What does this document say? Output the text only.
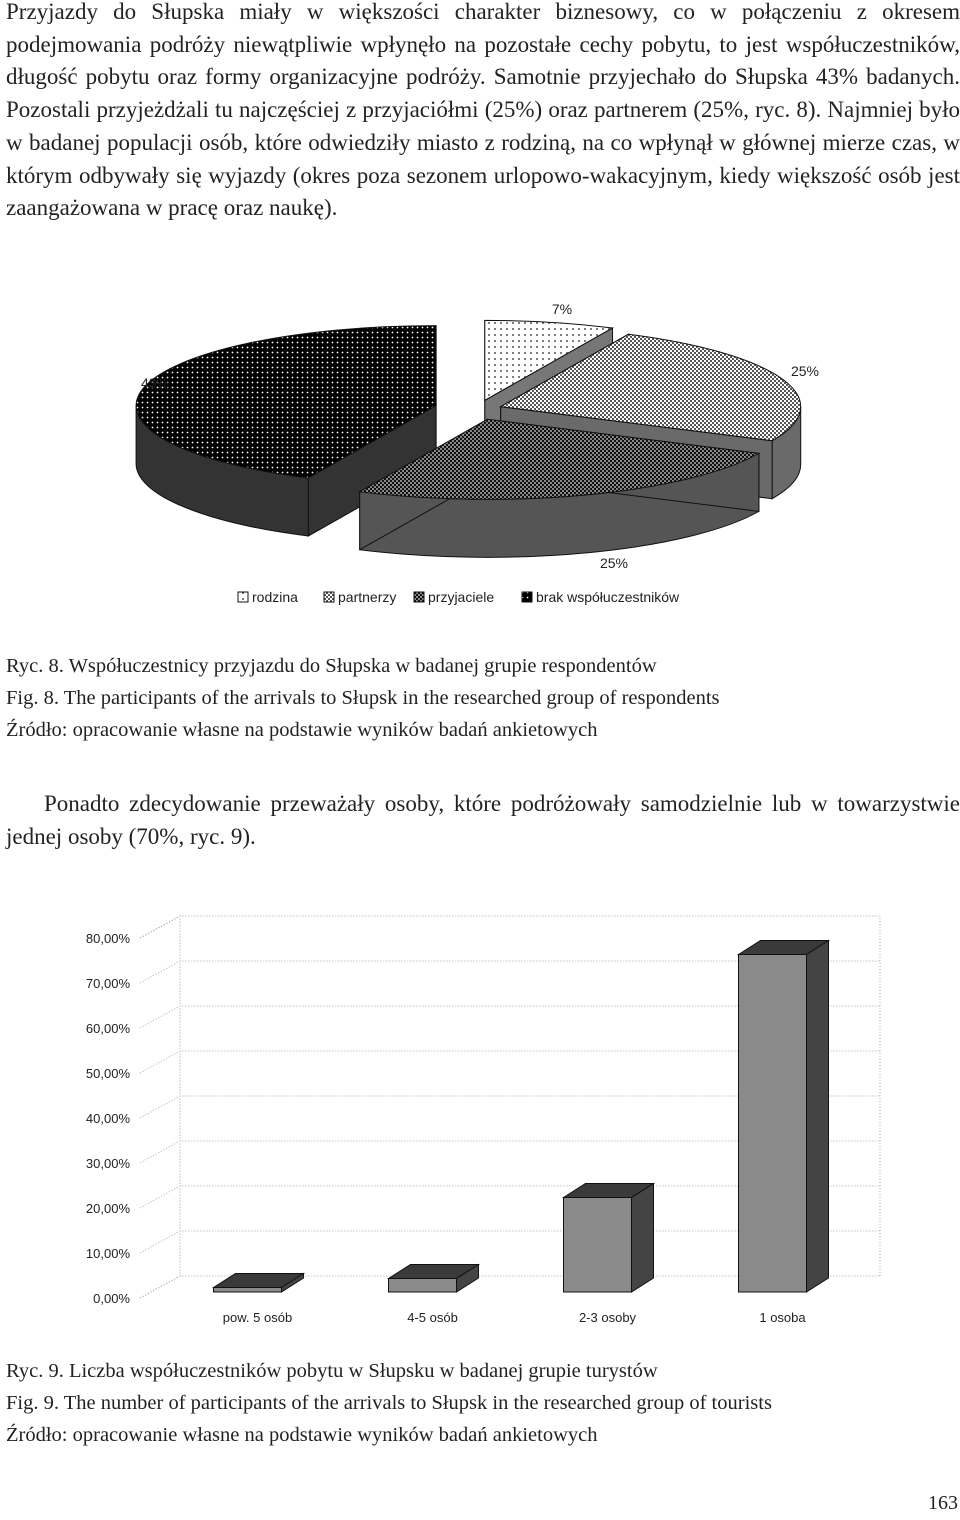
Przyjazdy do Słupska miały w większości charakter biznesowy, co w połączeniu z okresem podejmowania podróży niewątpliwie wpłynęło na pozostałe cechy pobytu, to jest współuczestników, długość pobytu oraz formy organizacyjne podróży. Samotnie przyjechało do Słupska 43% badanych. Pozostali przyjeżdżali tu najczęściej z przyjaciółmi (25%) oraz partnerem (25%, ryc. 8). Najmniej było w badanej populacji osób, które odwiedziły miasto z rodziną, na co wpłynął w głównej mierze czas, w którym odbywały się wyjazdy (okres poza sezonem urlopowo-wakacyjnym, kiedy większość osób jest zaangażowana w pracę oraz naukę).

7%
25%
25%
43%
rodzina	partnerzy przyjaciele	brak współuczestników
Ryc. 8. Współuczestnicy przyjazdu do Słupska w badanej grupie respondentów
Fig. 8. The participants of the arrivals to Słupsk in the researched group of respondents
Źródło: opracowanie własne na podstawie wyników badań ankietowych

Ponadto zdecydowanie przeważały osoby, które podróżowały samodzielnie lub w towarzystwie jednej osoby (70%, ryc. 9).

0,00%
10,00%
20,00%
30,00%
40,00%
50,00%
60,00%
70,00%
80,00%
pow. 5 osób	4-5 osób	2-3 osoby	1 osoba
Ryc. 9. Liczba współuczestników pobytu w Słupsku w badanej grupie turystów
Fig. 9. The number of participants of the arrivals to Słupsk in the researched group of tourists
Źródło: opracowanie własne na podstawie wyników badań ankietowych
163
